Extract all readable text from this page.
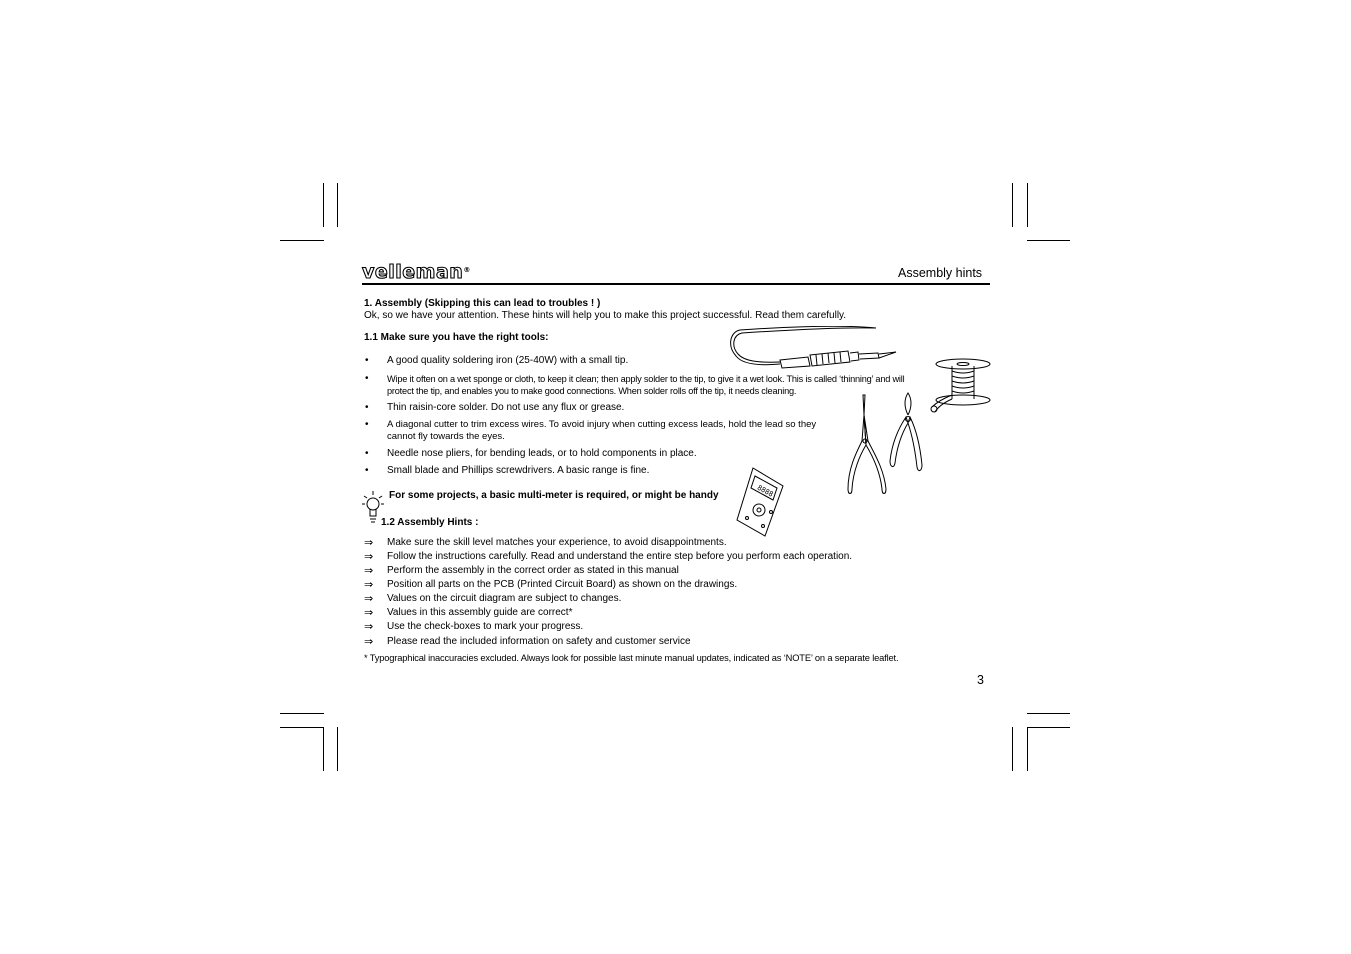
velleman®	Assembly hints
1. Assembly (Skipping this can lead to troubles ! )
Ok, so we have your attention. These hints will help you to make this project successful. Read them carefully.
1.1 Make sure you have the right tools:
• A good quality soldering iron (25-40W) with a small tip.
• Wipe it often on a wet sponge or cloth, to keep it clean; then apply solder to the tip, to give it a wet look. This is called ‘thinning’ and will
protect the tip, and enables you to make good connections. When solder rolls off the tip, it needs cleaning.
• Thin raisin-core solder. Do not use any flux or grease.
• A diagonal cutter to trim excess wires. To avoid injury when cutting excess leads, hold the lead so they
cannot fly towards the eyes.
• Needle nose pliers, for bending leads, or to hold components in place.
• Small blade and Phillips screwdrivers. A basic range is fine.
For some projects, a basic multi-meter is required, or might be handy
1.2 Assembly Hints :
⇒ Make sure the skill level matches your experience, to avoid disappointments.
⇒ Follow the instructions carefully. Read and understand the entire step before you perform each operation.
⇒ Perform the assembly in the correct order as stated in this manual
⇒ Position all parts on the PCB (Printed Circuit Board) as shown on the drawings.
⇒ Values on the circuit diagram are subject to changes.
⇒ Values in this assembly guide are correct*
⇒ Use the check-boxes to mark your progress.
⇒ Please read the included information on safety and customer service
* Typographical inaccuracies excluded. Always look for possible last minute manual updates, indicated as ‘NOTE’ on a separate leaflet.
3
8888
